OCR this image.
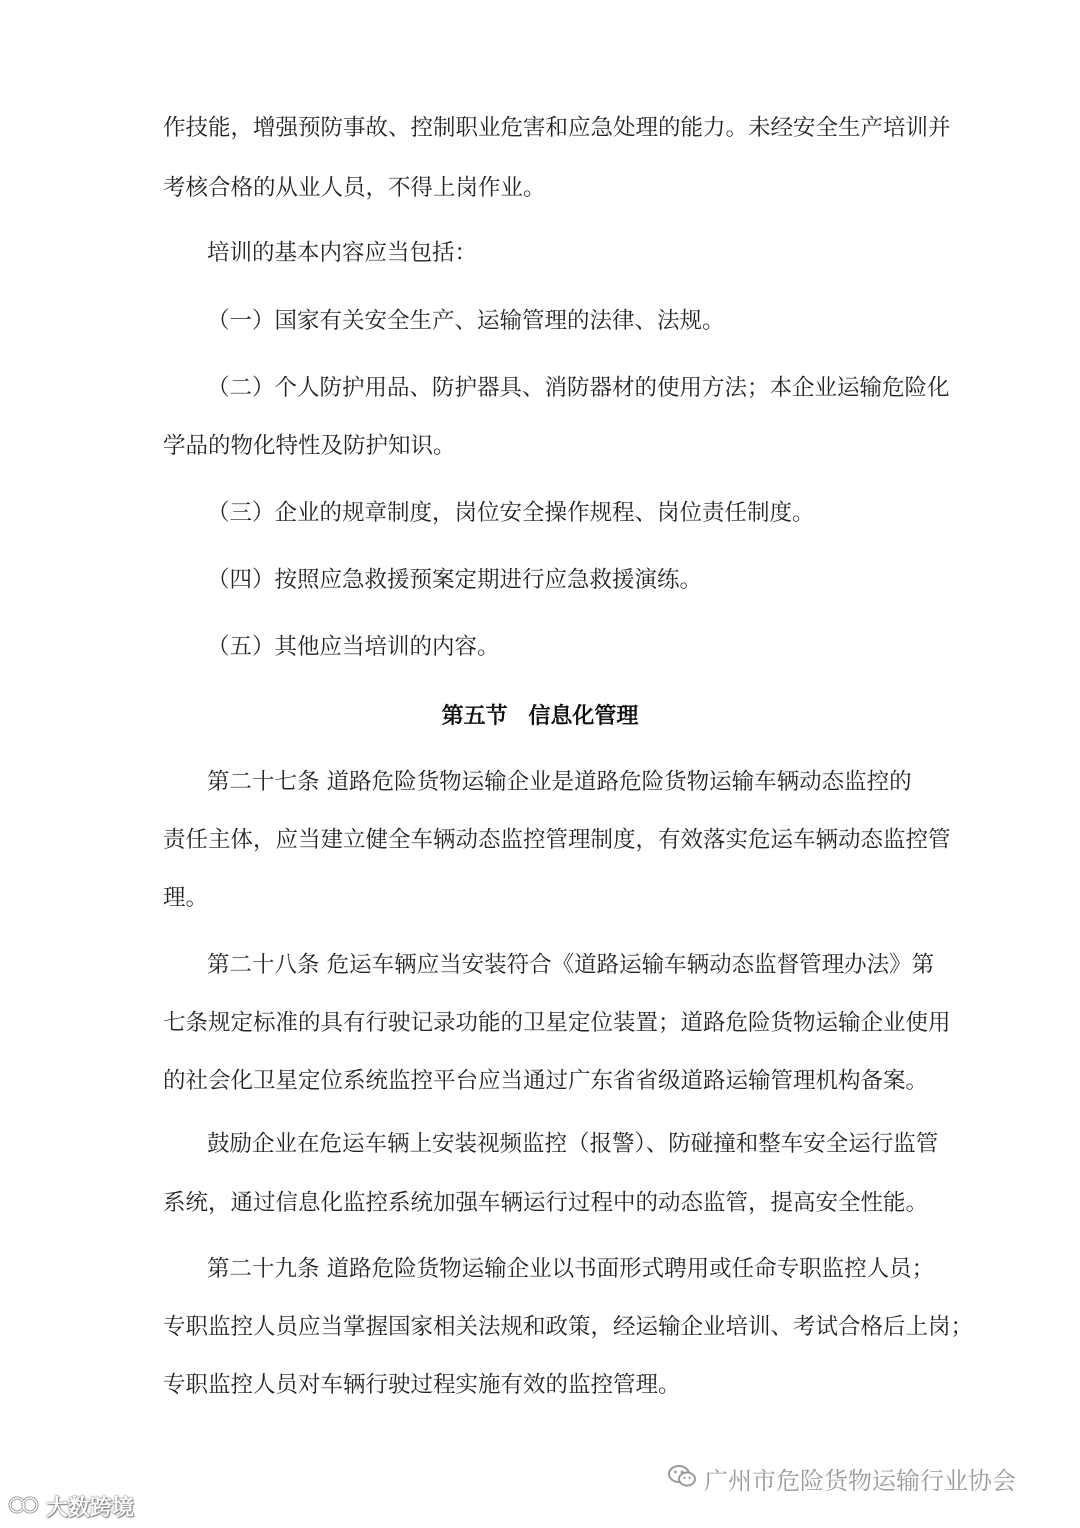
作技能，增强预防事故、控制职业危害和应急处理的能力。未经安全生产培训并
考核合格的从业人员，不得上岗作业。
培训的基本内容应当包括：
（一）国家有关安全生产、运输管理的法律、法规。
（二）个人防护用品、防护器具、消防器材的使用方法；本企业运输危险化
学品的物化特性及防护知识。
（三）企业的规章制度，岗位安全操作规程、岗位责任制度。
（四）按照应急救援预案定期进行应急救援演练。
（五）其他应当培训的内容。
第五节 信息化管理
第二十七条 道路危险货物运输企业是道路危险货物运输车辆动态监控的
责任主体，应当建立健全车辆动态监控管理制度，有效落实危运车辆动态监控管
理。
第二十八条 危运车辆应当安装符合《道路运输车辆动态监督管理办法》第
七条规定标准的具有行驶记录功能的卫星定位装置；道路危险货物运输企业使用
的社会化卫星定位系统监控平台应当通过广东省省级道路运输管理机构备案。
鼓励企业在危运车辆上安装视频监控（报警）、防碰撞和整车安全运行监管
系统，通过信息化监控系统加强车辆运行过程中的动态监管，提高安全性能。
第二十九条 道路危险货物运输企业以书面形式聘用或任命专职监控人员；
专职监控人员应当掌握国家相关法规和政策，经运输企业培训、考试合格后上岗；
专职监控人员对车辆行驶过程实施有效的监控管理。
广州市危险货物运输行业协会
大数跨境
